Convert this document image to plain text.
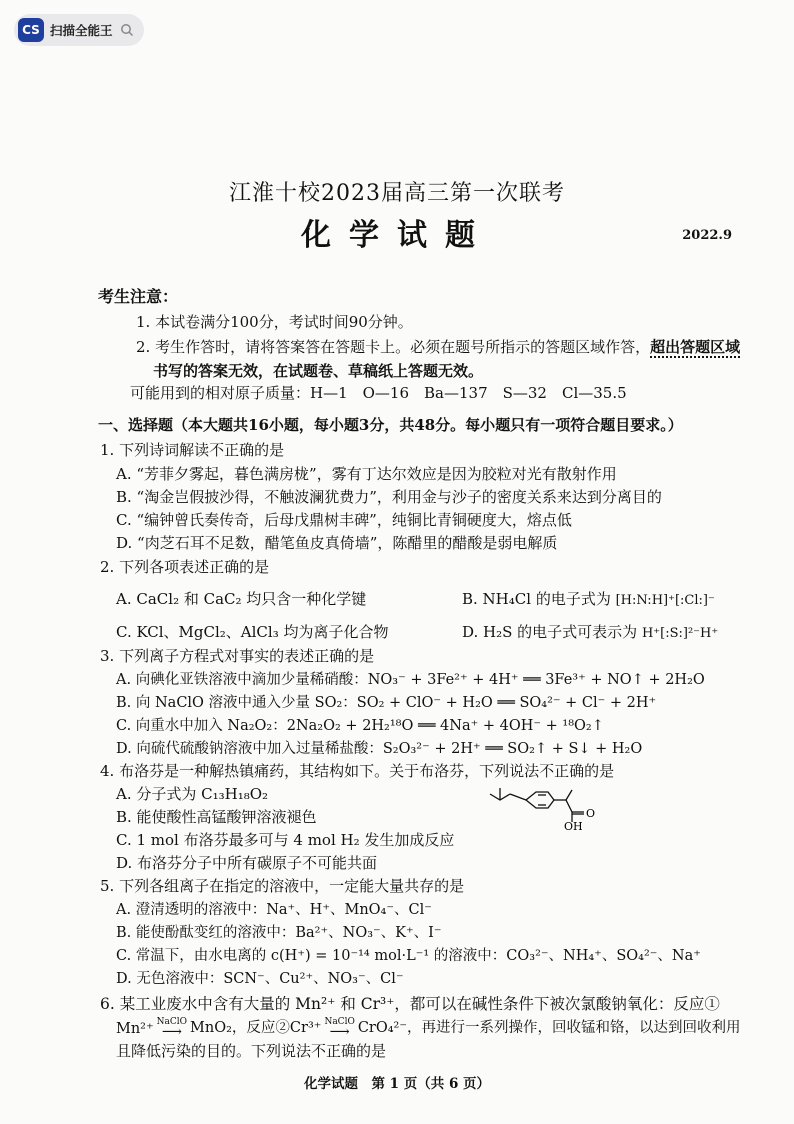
CS 扫描全能王
江淮十校2023届高三第一次联考
化学试题	2022.9
考生注意：
1. 本试卷满分100分，考试时间90分钟。
2. 考生作答时，请将答案答在答题卡上。必须在题号所指示的答题区域作答，超出答题区域
书写的答案无效，在试题卷、草稿纸上答题无效。
可能用到的相对原子质量：H—1　O—16　Ba—137　S—32　Cl—35.5
一、选择题（本大题共16小题，每小题3分，共48分。每小题只有一项符合题目要求。）
1. 下列诗词解读不正确的是
A. “芳菲夕雾起，暮色满房栊”，雾有丁达尔效应是因为胶粒对光有散射作用
B. “淘金岂假披沙得，不触波澜犹费力”，利用金与沙子的密度关系来达到分离目的
C. “编钟曾氏奏传奇，后母戊鼎树丰碑”，纯铜比青铜硬度大，熔点低
D. “肉芝石耳不足数，醋笔鱼皮真倚墙”，陈醋里的醋酸是弱电解质
2. 下列各项表述正确的是
A. CaCl₂ 和 CaC₂ 均只含一种化学键	B. NH₄Cl 的电子式为 [H:N:H]⁺[:Cl:]⁻
C. KCl、MgCl₂、AlCl₃ 均为离子化合物	D. H₂S 的电子式可表示为 H⁺[:S:]²⁻H⁺
3. 下列离子方程式对事实的表述正确的是
A. 向碘化亚铁溶液中滴加少量稀硝酸：NO₃⁻ + 3Fe²⁺ + 4H⁺ ══ 3Fe³⁺ + NO↑ + 2H₂O
B. 向 NaClO 溶液中通入少量 SO₂：SO₂ + ClO⁻ + H₂O ══ SO₄²⁻ + Cl⁻ + 2H⁺
C. 向重水中加入 Na₂O₂：2Na₂O₂ + 2H₂¹⁸O ══ 4Na⁺ + 4OH⁻ + ¹⁸O₂↑
D. 向硫代硫酸钠溶液中加入过量稀盐酸：S₂O₃²⁻ + 2H⁺ ══ SO₂↑ + S↓ + H₂O
4. 布洛芬是一种解热镇痛药，其结构如下。关于布洛芬，下列说法不正确的是
A. 分子式为 C₁₃H₁₈O₂
B. 能使酸性高锰酸钾溶液褪色
C. 1 mol 布洛芬最多可与 4 mol H₂ 发生加成反应
D. 布洛芬分子中所有碳原子不可能共面
O
OH
5. 下列各组离子在指定的溶液中，一定能大量共存的是
A. 澄清透明的溶液中：Na⁺、H⁺、MnO₄⁻、Cl⁻
B. 能使酚酞变红的溶液中：Ba²⁺、NO₃⁻、K⁺、I⁻
C. 常温下，由水电离的 c(H⁺) = 10⁻¹⁴ mol·L⁻¹ 的溶液中：CO₃²⁻、NH₄⁺、SO₄²⁻、Na⁺
D. 无色溶液中：SCN⁻、Cu²⁺、NO₃⁻、Cl⁻
6. 某工业废水中含有大量的 Mn²⁺ 和 Cr³⁺，都可以在碱性条件下被次氯酸钠氧化：反应①
Mn²⁺ NaClO
⟶ MnO₂，反应②Cr³⁺ NaClO
⟶ CrO₄²⁻，再进行一系列操作，回收锰和铬，以达到回收利用
且降低污染的目的。下列说法不正确的是
化学试题　第 1 页（共 6 页）
